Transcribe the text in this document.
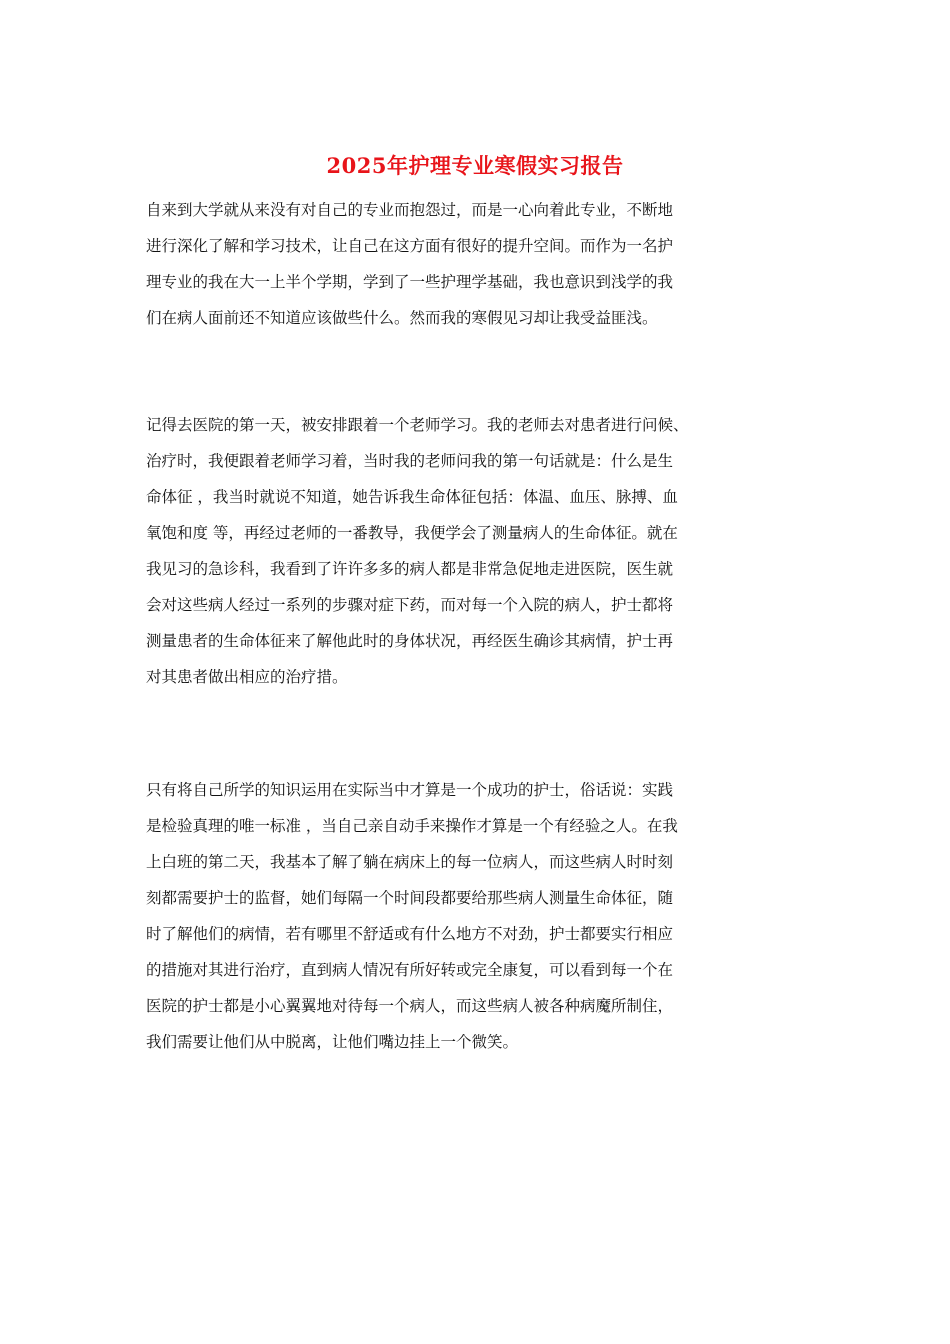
2025年护理专业寒假实习报告
自来到大学就从来没有对自己的专业而抱怨过，而是一心向着此专业，不断地
进行深化了解和学习技术，让自己在这方面有很好的提升空间。而作为一名护
理专业的我在大一上半个学期，学到了一些护理学基础，我也意识到浅学的我
们在病人面前还不知道应该做些什么。然而我的寒假见习却让我受益匪浅。
记得去医院的第一天，被安排跟着一个老师学习。我的老师去对患者进行问候、
治疗时，我便跟着老师学习着，当时我的老师问我的第一句话就是：什么是生
命体征 ，我当时就说不知道，她告诉我生命体征包括：体温、血压、脉搏、血
氧饱和度 等，再经过老师的一番教导，我便学会了测量病人的生命体征。就在
我见习的急诊科，我看到了许许多多的病人都是非常急促地走进医院，医生就
会对这些病人经过一系列的步骤对症下药，而对每一个入院的病人，护士都将
测量患者的生命体征来了解他此时的身体状况，再经医生确诊其病情，护士再
对其患者做出相应的治疗措。
只有将自己所学的知识运用在实际当中才算是一个成功的护士，俗话说：实践
是检验真理的唯一标准 ，当自己亲自动手来操作才算是一个有经验之人。在我
上白班的第二天，我基本了解了躺在病床上的每一位病人，而这些病人时时刻
刻都需要护士的监督，她们每隔一个时间段都要给那些病人测量生命体征，随
时了解他们的病情，若有哪里不舒适或有什么地方不对劲，护士都要实行相应
的措施对其进行治疗，直到病人情况有所好转或完全康复，可以看到每一个在
医院的护士都是小心翼翼地对待每一个病人，而这些病人被各种病魔所制住，
我们需要让他们从中脱离，让他们嘴边挂上一个微笑。
